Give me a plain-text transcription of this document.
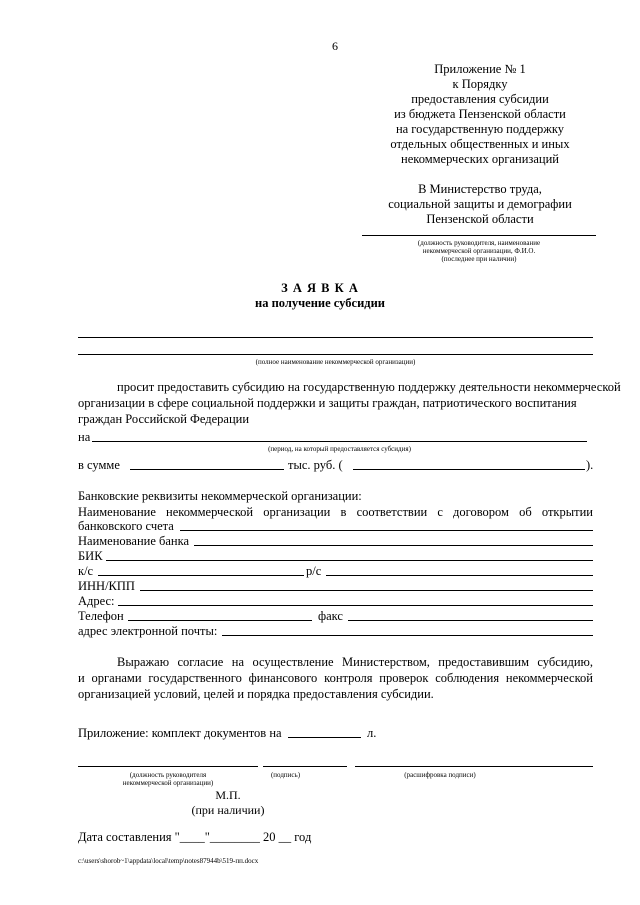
6
Приложение № 1
к Порядку
предоставления субсидии
из бюджета Пензенской области
на государственную поддержку
отдельных общественных и иных
некоммерческих организаций
В Министерство труда,
социальной защиты и демографии
Пензенской области
(должность руководителя, наименование
некоммерческой организации, Ф.И.О.
(последнее при наличии)
З А Я В К А
на получение субсидии
(полное наименование некоммерческой организации)
просит предоставить субсидию на государственную поддержку деятельности некоммерческой
организации в сфере социальной поддержки и защиты граждан, патриотического воспитания
граждан Российской Федерации
на
(период, на который предоставляется субсидия)
в сумме	тыс. руб. (	).
Банковские реквизиты некоммерческой организации:
Наименование некоммерческой организации в соответствии с договором об открытии
банковского счета
Наименование банка
БИК
к/с	р/с
ИНН/КПП
Адрес:
Телефон	факс
адрес электронной почты:
Выражаю согласие на осуществление Министерством, предоставившим субсидию,
и органами государственного финансового контроля проверок соблюдения некоммерческой
организацией условий, целей и порядка предоставления субсидии.
Приложение: комплект документов на	л.
(должность руководителя
некоммерческой организации)
(подпись)	(расшифровка подписи)
М.П.
(при наличии)
Дата составления "____"________ 20 __ год
c:\users\shorob~1\appdata\local\temp\notes87944b\519-пп.docx
